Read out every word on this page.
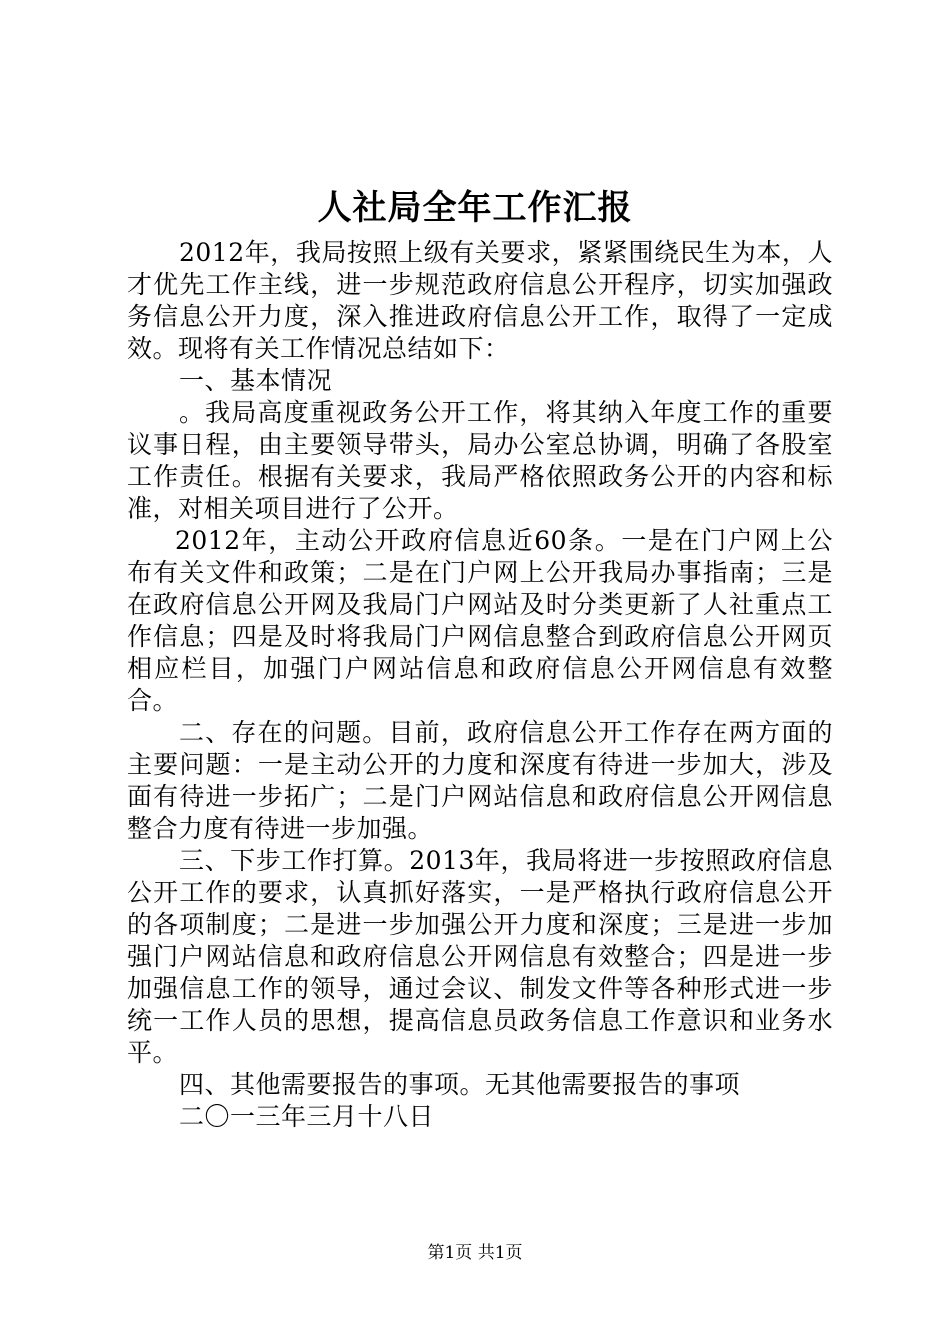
人社局全年工作汇报

2012年，我局按照上级有关要求，紧紧围绕民生为本，人才优先工作主线，进一步规范政府信息公开程序，切实加强政务信息公开力度，深入推进政府信息公开工作，取得了一定成效。现将有关工作情况总结如下：

一、基本情况

。我局高度重视政务公开工作，将其纳入年度工作的重要议事日程，由主要领导带头，局办公室总协调，明确了各股室工作责任。根据有关要求，我局严格依照政务公开的内容和标准，对相关项目进行了公开。

2012年，主动公开政府信息近60条。一是在门户网上公布有关文件和政策；二是在门户网上公开我局办事指南；三是在政府信息公开网及我局门户网站及时分类更新了人社重点工作信息；四是及时将我局门户网信息整合到政府信息公开网页相应栏目，加强门户网站信息和政府信息公开网信息有效整合。

二、存在的问题。目前，政府信息公开工作存在两方面的主要问题：一是主动公开的力度和深度有待进一步加大，涉及面有待进一步拓广；二是门户网站信息和政府信息公开网信息整合力度有待进一步加强。

三、下步工作打算。2013年，我局将进一步按照政府信息公开工作的要求，认真抓好落实，一是严格执行政府信息公开的各项制度；二是进一步加强公开力度和深度；三是进一步加强门户网站信息和政府信息公开网信息有效整合；四是进一步加强信息工作的领导，通过会议、制发文件等各种形式进一步统一工作人员的思想，提高信息员政务信息工作意识和业务水平。

四、其他需要报告的事项。无其他需要报告的事项

二〇一三年三月十八日

第1页 共1页
